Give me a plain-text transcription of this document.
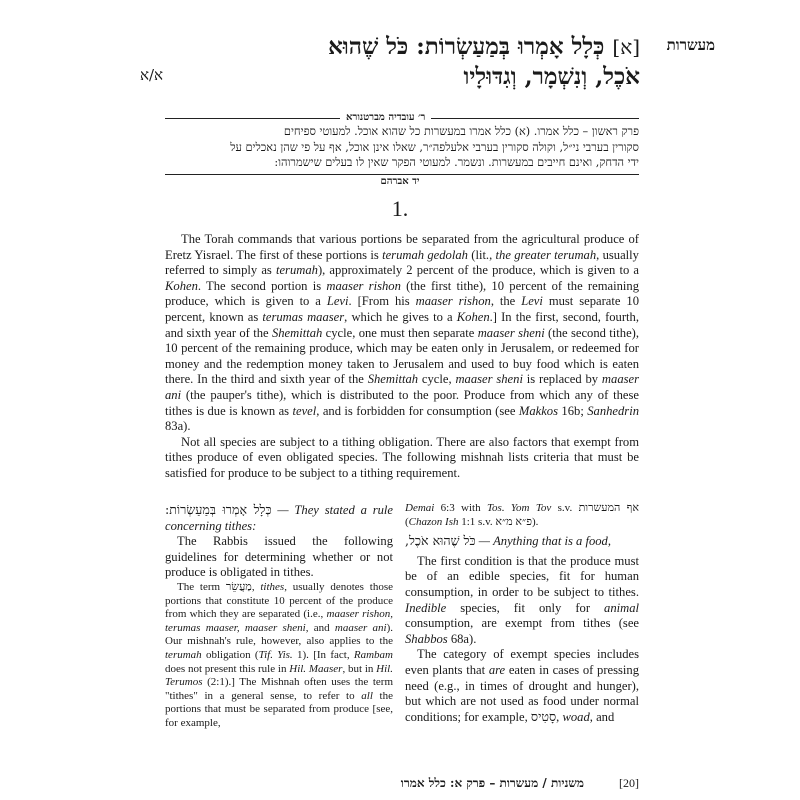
מעשרות
א/א
[א] כְּלָל אָמְרוּ בְּמַעַשְׂרוֹת: כֹּל שֶׁהוּא
אֹכֶל, וְנִשְׁמָר, וְגִדּוּלָיו
ר׳ עובדיה מברטנורא

פרק ראשון – כלל אמרו. (א) כלל אמרו במעשרות כל שהוא אוכל. למעוטי ספיחים

סקורין בערבי ני״ל, וקולה סקורין בערבי אלעלפה״ר, שאלו אינן אוכל, אף על פי שהן נאכלים על

ידי הדחק, ואינם חייבים במעשרות. ונשמר. למעוטי הפקר שאין לו בעלים שישמרוהו:

יד אברהם
1.

The Torah commands that various portions be separated from the agricultural produce of Eretz Yisrael. The first of these portions is terumah gedolah (lit., the greater terumah, usually referred to simply as terumah), approximately 2 percent of the produce, which is given to a Kohen. The second portion is maaser rishon (the first tithe), 10 percent of the remaining produce, which is given to a Levi. [From his maaser rishon, the Levi must separate 10 percent, known as terumas maaser, which he gives to a Kohen.] In the first, second, fourth, and sixth year of the Shemittah cycle, one must then separate maaser sheni (the second tithe), 10 percent of the remaining produce, which may be eaten only in Jerusalem, or redeemed for money and the redemption money taken to Jerusalem and used to buy food which is eaten there. In the third and sixth year of the Shemittah cycle, maaser sheni is replaced by maaser ani (the pauper's tithe), which is distributed to the poor. Produce from which any of these tithes is due is known as tevel, and is forbidden for consumption (see Makkos 16b; Sanhedrin 83a).

Not all species are subject to a tithing obligation. There are also factors that exempt from tithes produce of even obligated species. The following mishnah lists criteria that must be satisfied for produce to be subject to a tithing requirement.

כְּלָל אָמְרוּ בְּמַעַשְׂרוֹת: — They stated a rule concerning tithes:

The Rabbis issued the following guidelines for determining whether or not produce is obligated in tithes.

The term מַעֲשֵׂר, tithes, usually denotes those portions that constitute 10 percent of the produce from which they are separated (i.e., maaser rishon, terumas maaser, maaser sheni, and maaser ani). Our mishnah's rule, however, also applies to the terumah obligation (Tif. Yis. 1). [In fact, Rambam does not present this rule in Hil. Maaser, but in Hil. Terumos (2:1).] The Mishnah often uses the term "tithes" in a general sense, to refer to all the portions that must be separated from produce [see, for example,

Demai 6:3 with Tos. Yom Tov s.v. אף המעשרות (Chazon Ish 1:1 s.v. פ״א מ״א).

כֹּל שֶׁהוּא אֹכֶל, — Anything that is a food,

The first condition is that the produce must be of an edible species, fit for human consumption, in order to be subject to tithes. Inedible species, fit only for animal consumption, are exempt from tithes (see Shabbos 68a).

The category of exempt species includes even plants that are eaten in cases of pressing need (e.g., in times of drought and hunger), but which are not used as food under normal conditions; for example, סָטִיס, woad, and

משניות / מעשרות – פרק א: כלל אמרו	[20]
